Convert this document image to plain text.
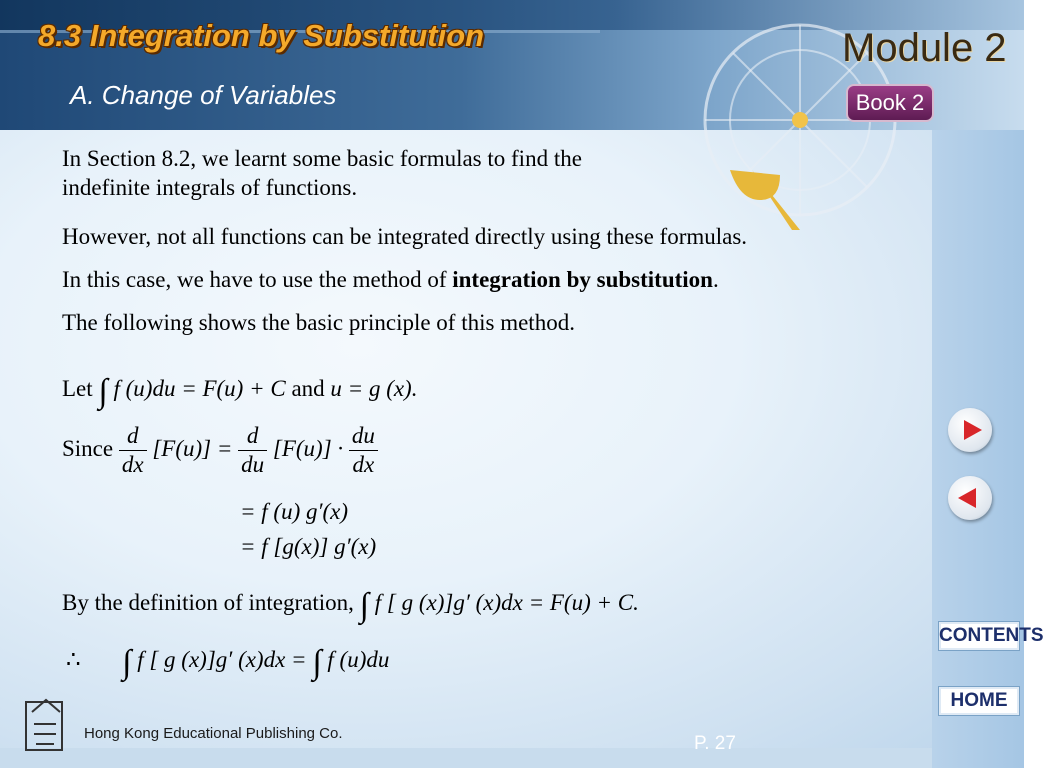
8.3 Integration by Substitution
A. Change of Variables
Module 2
Book 2
In Section 8.2, we learnt some basic formulas to find the
indefinite integrals of functions.
However, not all functions can be integrated directly using these formulas.
In this case, we have to use the method of integration by substitution.
The following shows the basic principle of this method.
Let ∫ f (u)du = F(u) + C and u = g (x).
Since $\frac{d}{dx} [F(u)] = \frac{d}{du} [F(u)] \cdot \frac{du}{dx}$
= f (u) g′(x)
= f [g(x)] g′(x)
By the definition of integration, ∫ f [ g (x)]g′ (x)dx = F(u) + C.
∴ ∫ f [ g (x)]g′ (x)dx = ∫ f (u)du
CONTENTS
HOME
Hong Kong Educational Publishing Co.	P. 27
